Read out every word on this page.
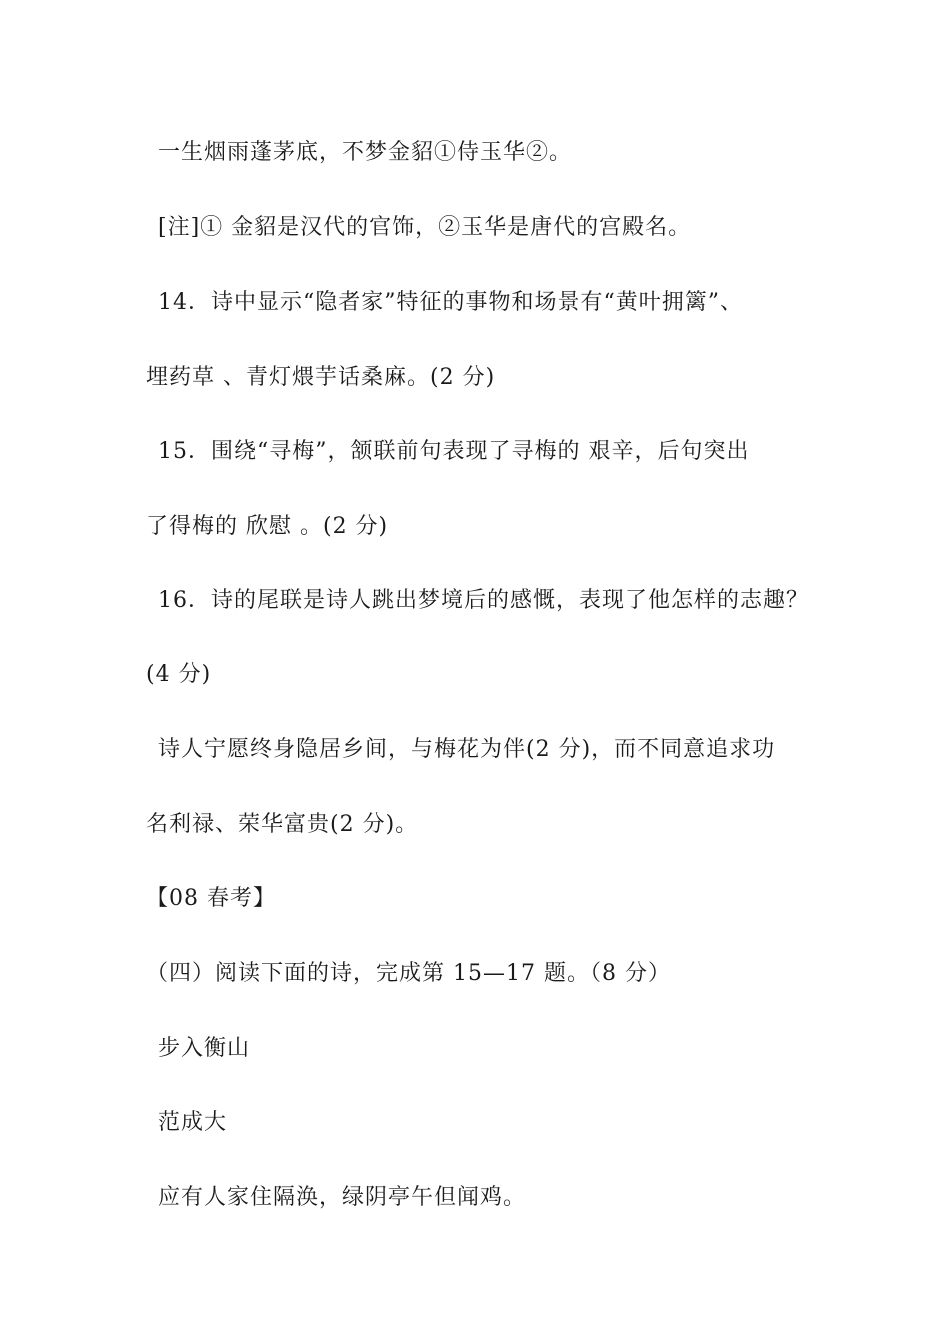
一生烟雨蓬茅底，不梦金貂①侍玉华②。
[注]① 金貂是汉代的官饰，②玉华是唐代的宫殿名。
14．诗中显示“隐者家”特征的事物和场景有“黄叶拥篱”、
埋药草 、青灯煨芋话桑麻。(2 分)
15．围绕“寻梅”，颔联前句表现了寻梅的 艰辛，后句突出
了得梅的 欣慰 。(2 分)
16．诗的尾联是诗人跳出梦境后的感慨，表现了他怎样的志趣？
(4 分)
诗人宁愿终身隐居乡间，与梅花为伴(2 分)，而不同意追求功
名利禄、荣华富贵(2 分)。
【08 春考】
（四）阅读下面的诗，完成第 15—17 题。（8 分）
步入衡山
范成大
应有人家住隔涣，绿阴亭午但闻鸡。
